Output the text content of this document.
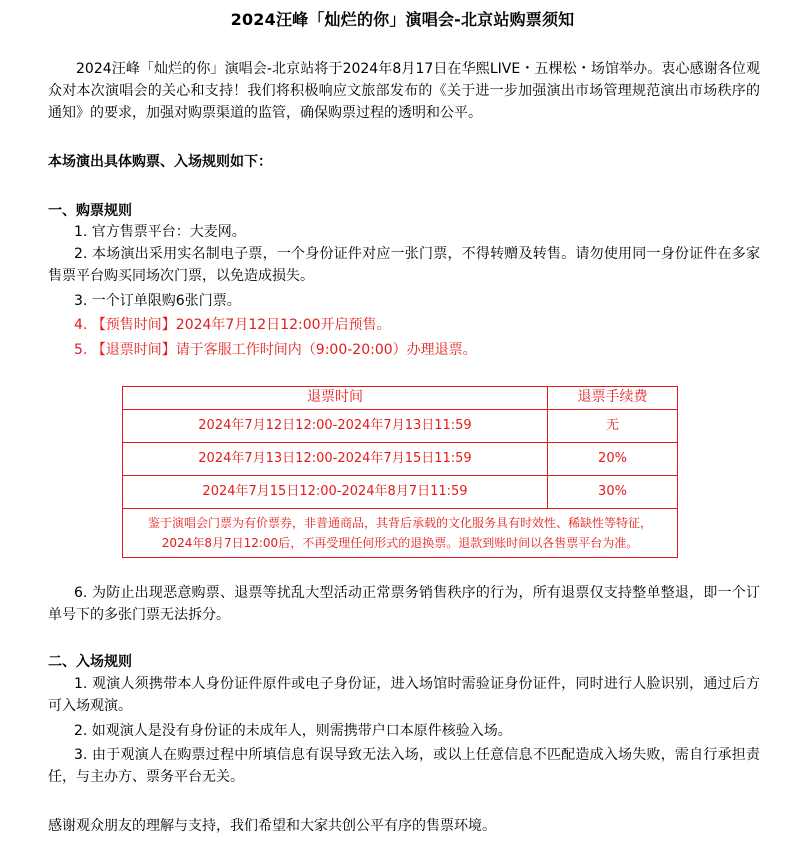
2024汪峰「灿烂的你」演唱会-北京站购票须知

2024汪峰「灿烂的你」演唱会-北京站将于2024年8月17日在华熙LIVE・五棵松・场馆举办。衷心感谢各位观众对本次演唱会的关心和支持！我们将积极响应文旅部发布的《关于进一步加强演出市场管理规范演出市场秩序的通知》的要求，加强对购票渠道的监管，确保购票过程的透明和公平。

本场演出具体购票、入场规则如下：

一、购票规则

1. 官方售票平台：大麦网。

2. 本场演出采用实名制电子票，一个身份证件对应一张门票，不得转赠及转售。请勿使用同一身份证件在多家售票平台购买同场次门票，以免造成损失。

3. 一个订单限购6张门票。

4. 【预售时间】2024年7月12日12:00开启预售。

5. 【退票时间】请于客服工作时间内（9:00-20:00）办理退票。

退票时间	退票手续费
2024年7月12日12:00-2024年7月13日11:59	无
2024年7月13日12:00-2024年7月15日11:59	20%
2024年7月15日12:00-2024年8月7日11:59	30%
鉴于演唱会门票为有价票券，非普通商品，其背后承载的文化服务具有时效性、稀缺性等特征，
2024年8月7日12:00后，不再受理任何形式的退换票。退款到账时间以各售票平台为准。	

6. 为防止出现恶意购票、退票等扰乱大型活动正常票务销售秩序的行为，所有退票仅支持整单整退，即一个订单号下的多张门票无法拆分。

二、入场规则

1. 观演人须携带本人身份证件原件或电子身份证，进入场馆时需验证身份证件，同时进行人脸识别，通过后方可入场观演。

2. 如观演人是没有身份证的未成年人，则需携带户口本原件核验入场。

3. 由于观演人在购票过程中所填信息有误导致无法入场，或以上任意信息不匹配造成入场失败，需自行承担责任，与主办方、票务平台无关。

感谢观众朋友的理解与支持，我们希望和大家共创公平有序的售票环境。
